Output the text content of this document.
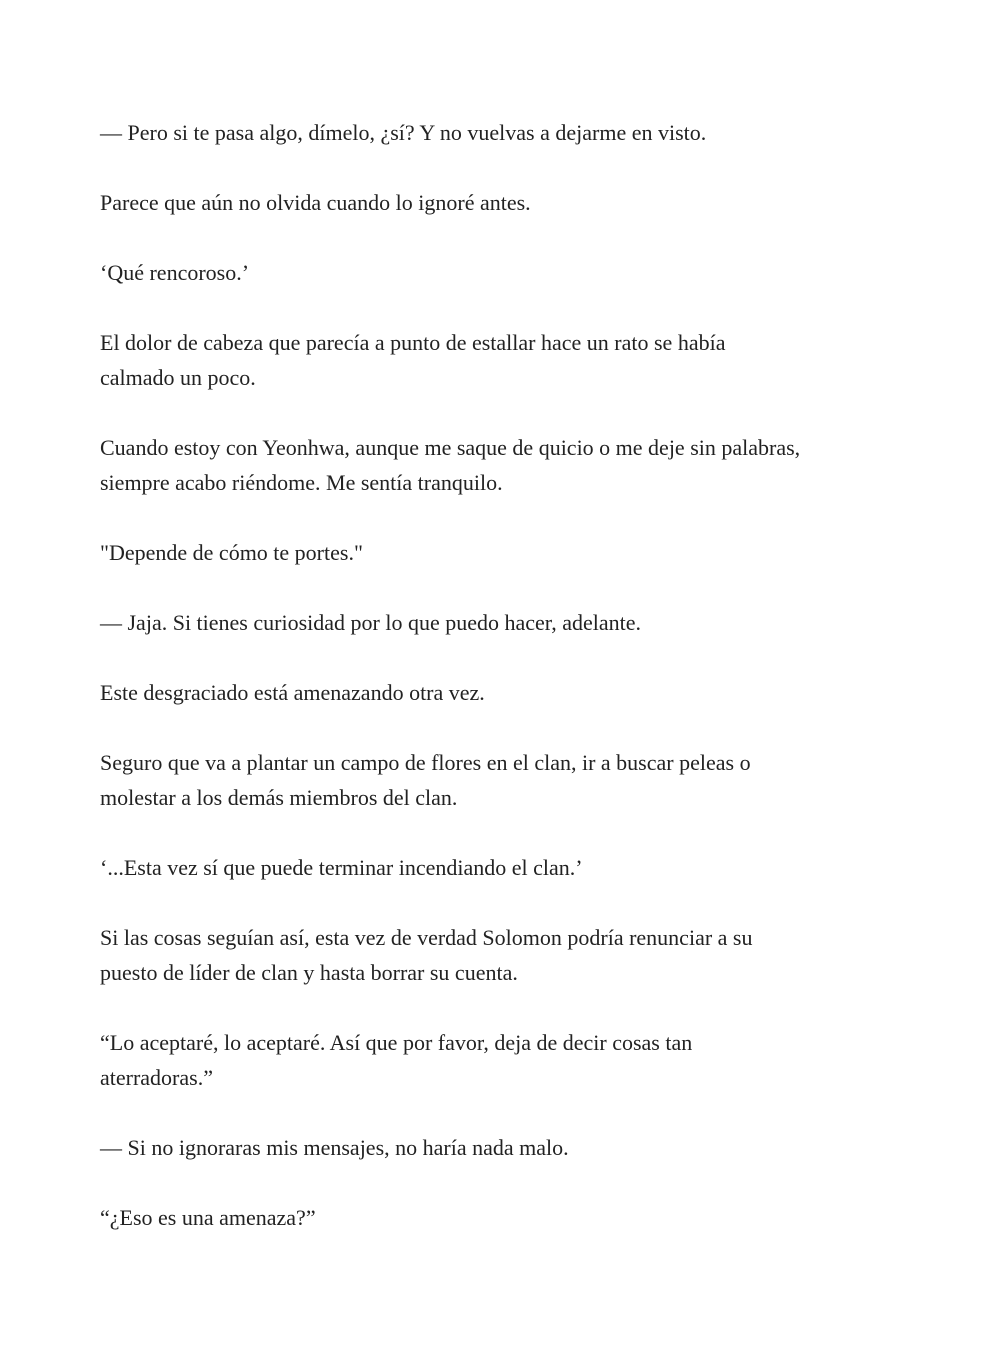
— Pero si te pasa algo, dímelo, ¿sí? Y no vuelvas a dejarme en visto.

Parece que aún no olvida cuando lo ignoré antes.

‘Qué rencoroso.’

El dolor de cabeza que parecía a punto de estallar hace un rato se había
calmado un poco.

Cuando estoy con Yeonhwa, aunque me saque de quicio o me deje sin palabras,
siempre acabo riéndome. Me sentía tranquilo.

"Depende de cómo te portes."

— Jaja. Si tienes curiosidad por lo que puedo hacer, adelante.

Este desgraciado está amenazando otra vez.

Seguro que va a plantar un campo de flores en el clan, ir a buscar peleas o
molestar a los demás miembros del clan.

‘...Esta vez sí que puede terminar incendiando el clan.’

Si las cosas seguían así, esta vez de verdad Solomon podría renunciar a su
puesto de líder de clan y hasta borrar su cuenta.

“Lo aceptaré, lo aceptaré. Así que por favor, deja de decir cosas tan
aterradoras.”

— Si no ignoraras mis mensajes, no haría nada malo.

“¿Eso es una amenaza?”
